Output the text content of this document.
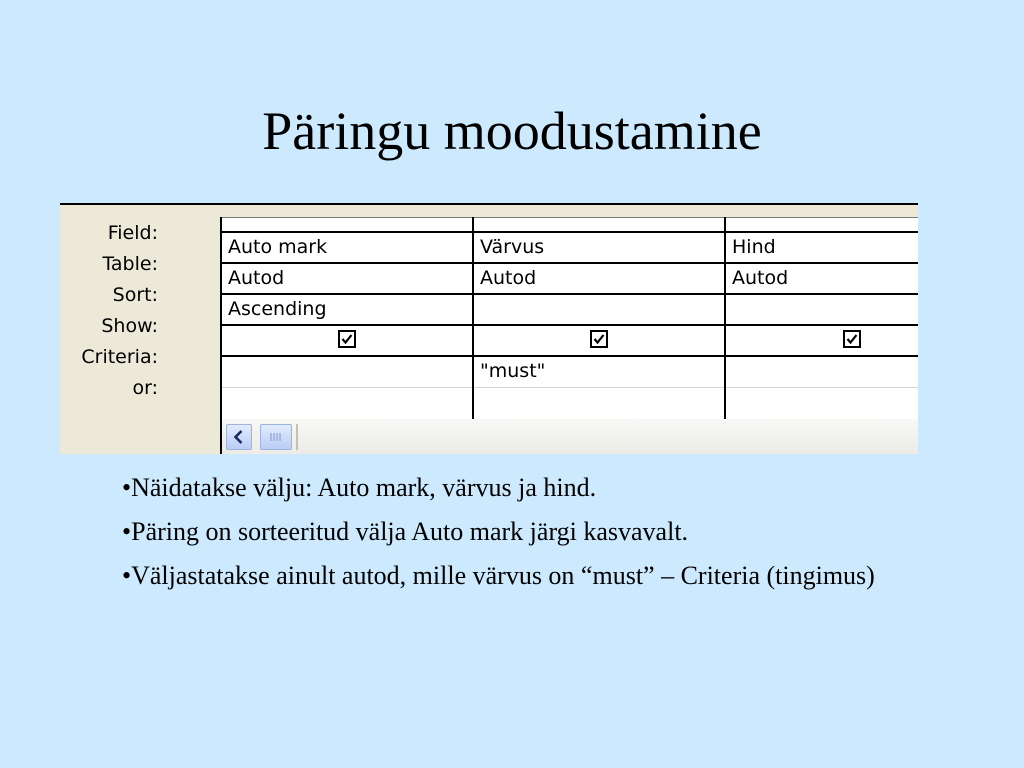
Päringu moodustamine
Field:
Table:
Sort:
Show:
Criteria:
or:
Auto mark
Autod
Ascending
Värvus
Autod
"must"
Hind
Autod

•Näidatakse välju: Auto mark, värvus ja hind.

•Päring on sorteeritud välja Auto mark järgi kasvavalt.

•Väljastatakse ainult autod, mille värvus on “must” – Criteria (tingimus)
